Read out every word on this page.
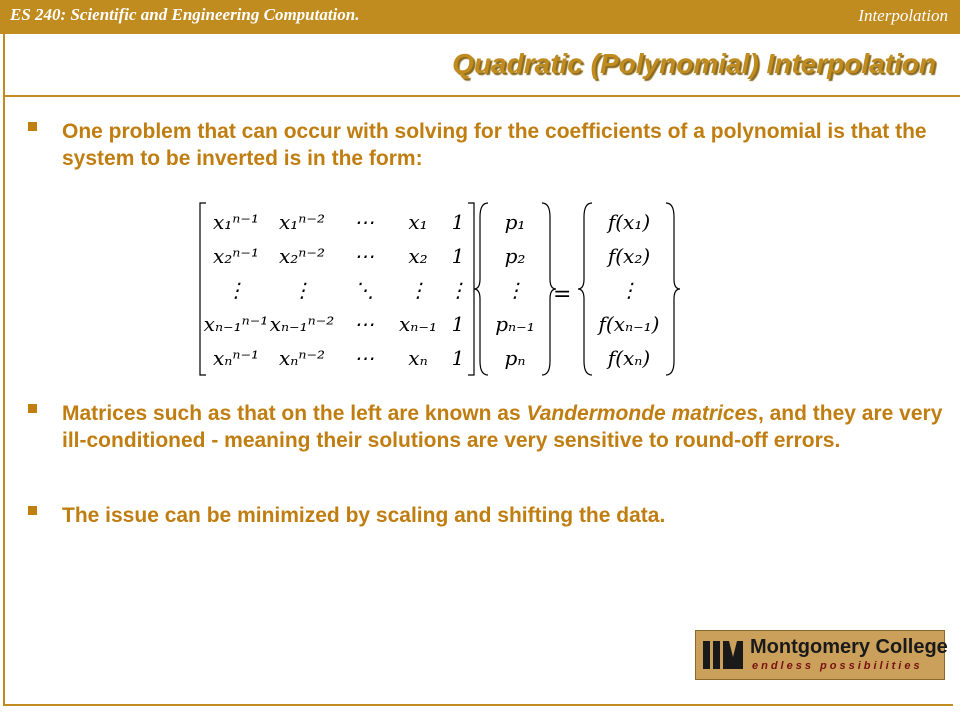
ES 240: Scientific and Engineering Computation.	Interpolation
Quadratic (Polynomial) Interpolation
One problem that can occur with solving for the coefficients of a polynomial is that the system to be inverted is in the form:
x₁ⁿ⁻¹ x₁ⁿ⁻² ⋯ x₁ 1
x₂ⁿ⁻¹ x₂ⁿ⁻² ⋯ x₂ 1
⋮ ⋮ ⋱ ⋮ ⋮
xₙ₋₁ⁿ⁻¹ xₙ₋₁ⁿ⁻² ⋯ xₙ₋₁ 1
xₙⁿ⁻¹ xₙⁿ⁻² ⋯ xₙ 1
p₁
p₂
⋮
pₙ₋₁
pₙ
=
f(x₁)
f(x₂)
⋮
f(xₙ₋₁)
f(xₙ)
Matrices such as that on the left are known as Vandermonde matrices, and they are very ill-conditioned - meaning their solutions are very sensitive to round-off errors.
The issue can be minimized by scaling and shifting the data.
Montgomery College
endless possibilities
